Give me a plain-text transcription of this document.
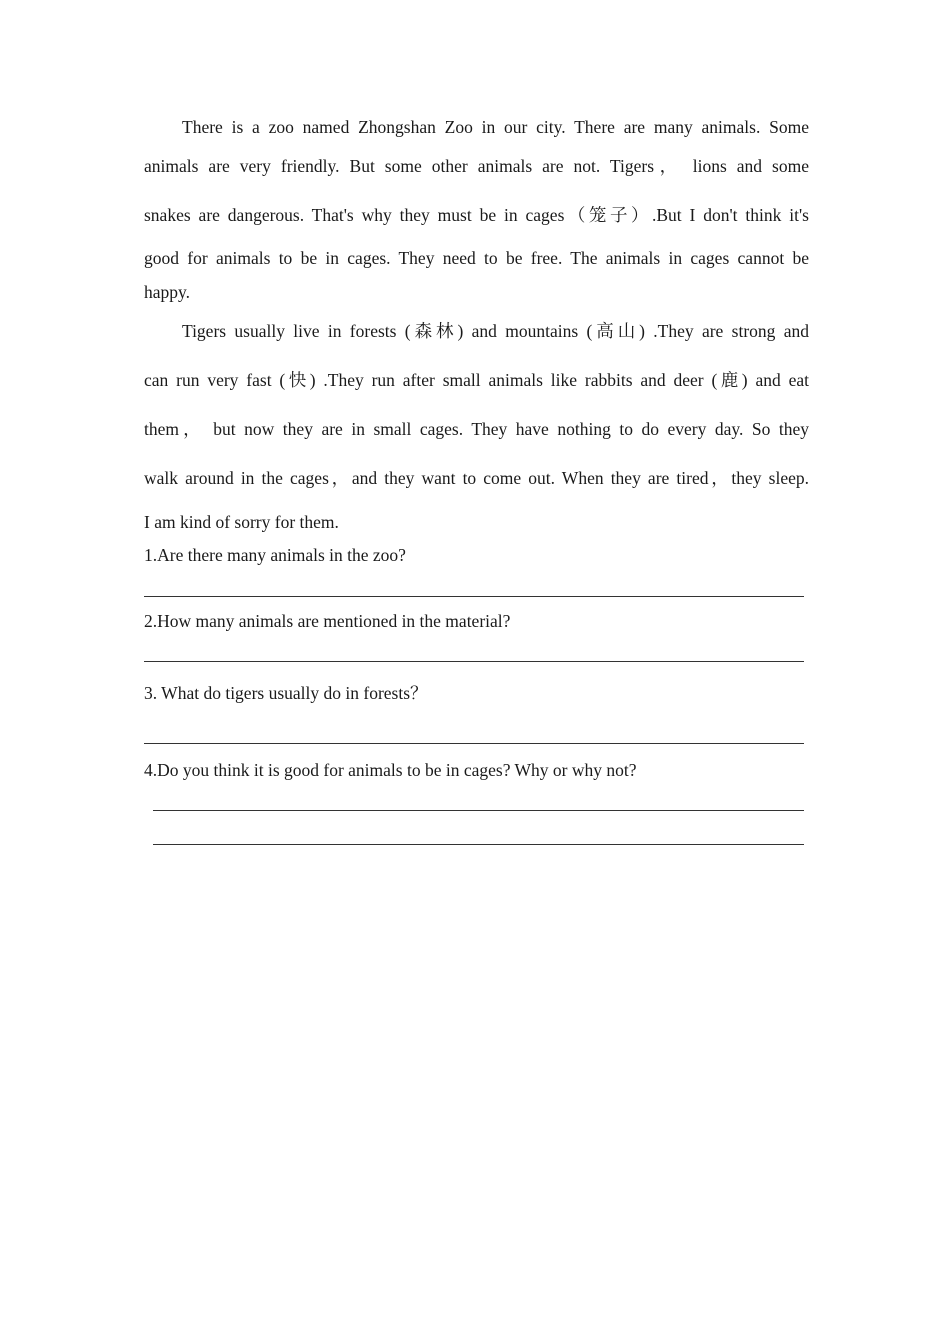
There is a zoo named Zhongshan Zoo in our city. There are many animals. Some
animals are very friendly. But some other animals are not. Tigers， lions and some
snakes are dangerous. That's why they must be in cages（笼子）.But I don't think it's
good for animals to be in cages. They need to be free. The animals in cages cannot be
happy.
Tigers usually live in forests (森林) and mountains (高山) .They are strong and
can run very fast (快) .They run after small animals like rabbits and deer (鹿) and eat
them， but now they are in small cages. They have nothing to do every day. So they
walk around in the cages，and they want to come out. When they are tired，they sleep.
I am kind of sorry for them.
1.Are there many animals in the zoo?
2.How many animals are mentioned in the material?
3. What do tigers usually do in forests？
4.Do you think it is good for animals to be in cages? Why or why not?
